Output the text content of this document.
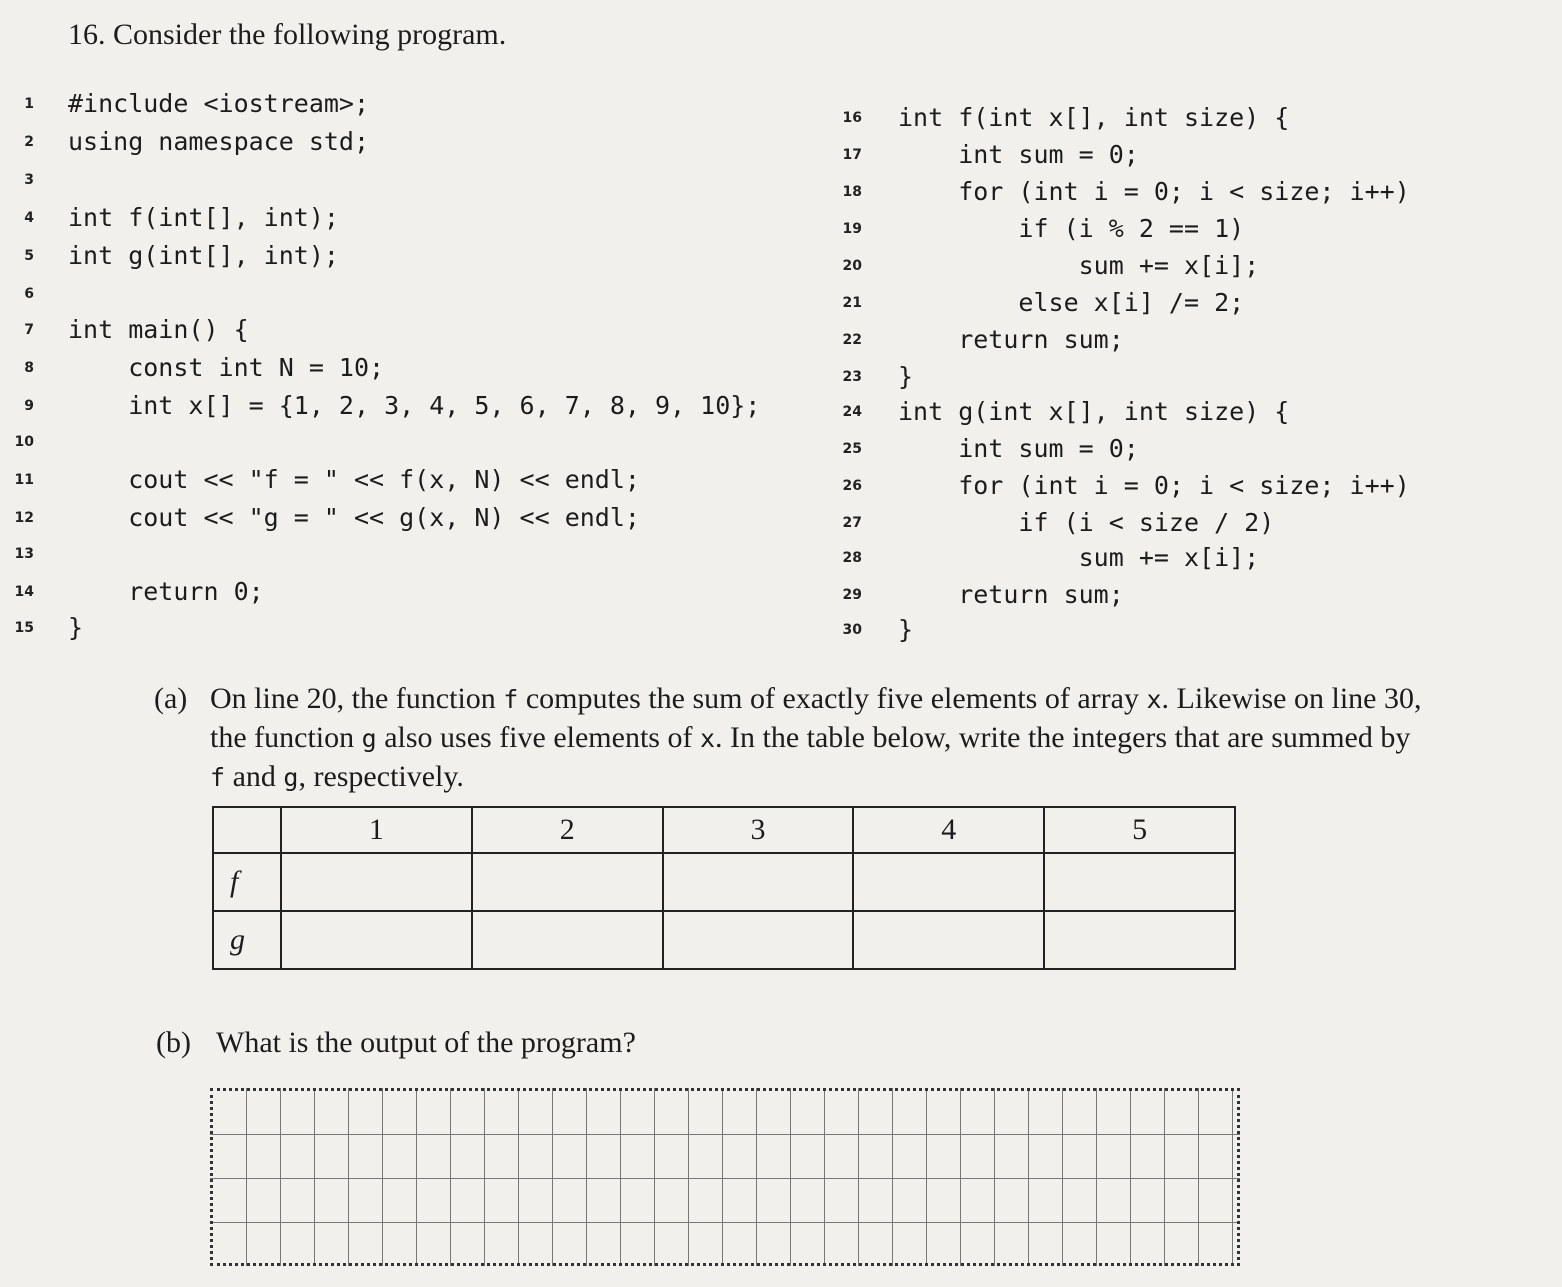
16. Consider the following program.
1 #include <iostream>;
2 using namespace std;
3
4 int f(int[], int);
5 int g(int[], int);
6
7 int main() {
8 const int N = 10;
9 int x[] = {1, 2, 3, 4, 5, 6, 7, 8, 9, 10};
10
11 cout << "f = " << f(x, N) << endl;
12 cout << "g = " << g(x, N) << endl;
13
14 return 0;
15 }
16 int f(int x[], int size) {
17 int sum = 0;
18 for (int i = 0; i < size; i++)
19 if (i % 2 == 1)
20 sum += x[i];
21 else x[i] /= 2;
22 return sum;
23 }
24 int g(int x[], int size) {
25 int sum = 0;
26 for (int i = 0; i < size; i++)
27 if (i < size / 2)
28 sum += x[i];
29 return sum;
30 }
(a) On line 20, the function f computes the sum of exactly five elements of array x. Likewise on line 30, the function g also uses five elements of x. In the table below, write the integers that are summed by f and g, respectively.
	1	2	3	4	5
f					
g					
(b) What is the output of the program?
